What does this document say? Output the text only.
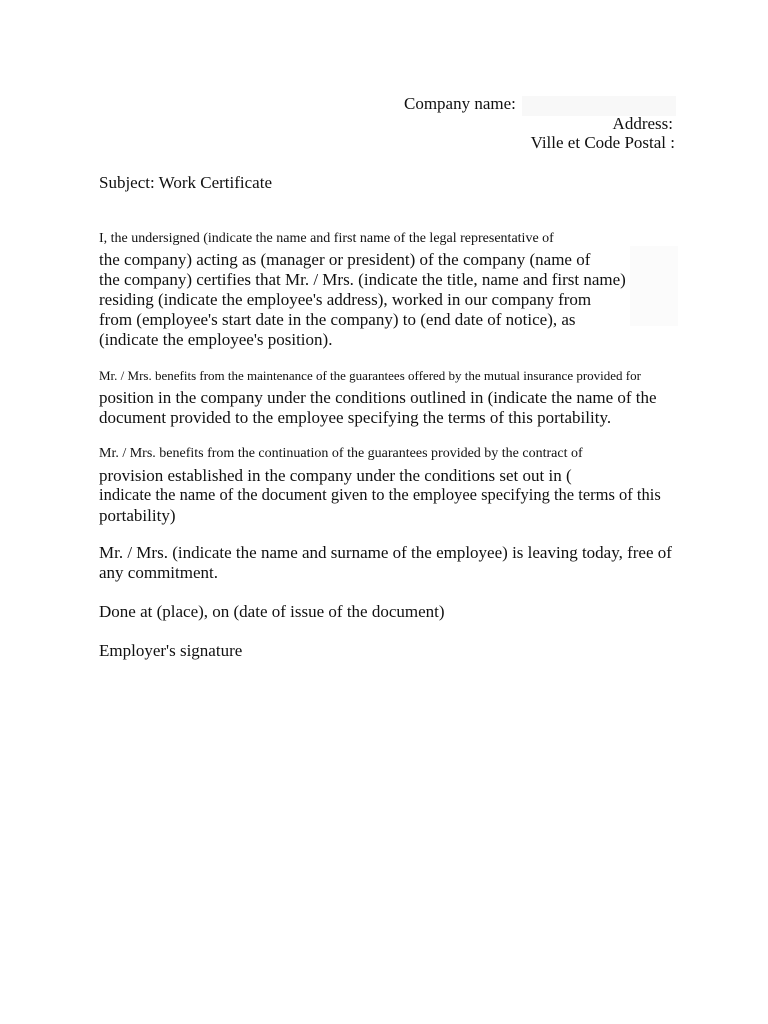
Company name:
Address:
Ville et Code Postal :
Subject: Work Certificate
I, the undersigned (indicate the name and first name of the legal representative of
the company) acting as (manager or president) of the company (name of
the company) certifies that Mr. / Mrs. (indicate the title, name and first name)
residing (indicate the employee's address), worked in our company from
from (employee's start date in the company) to (end date of notice), as
(indicate the employee's position).
Mr. / Mrs. benefits from the maintenance of the guarantees offered by the mutual insurance provided for
position in the company under the conditions outlined in (indicate the name of the
document provided to the employee specifying the terms of this portability.
Mr. / Mrs. benefits from the continuation of the guarantees provided by the contract of
provision established in the company under the conditions set out in (
indicate the name of the document given to the employee specifying the terms of this
portability)
Mr. / Mrs. (indicate the name and surname of the employee) is leaving today, free of
any commitment.
Done at (place), on (date of issue of the document)
Employer's signature
